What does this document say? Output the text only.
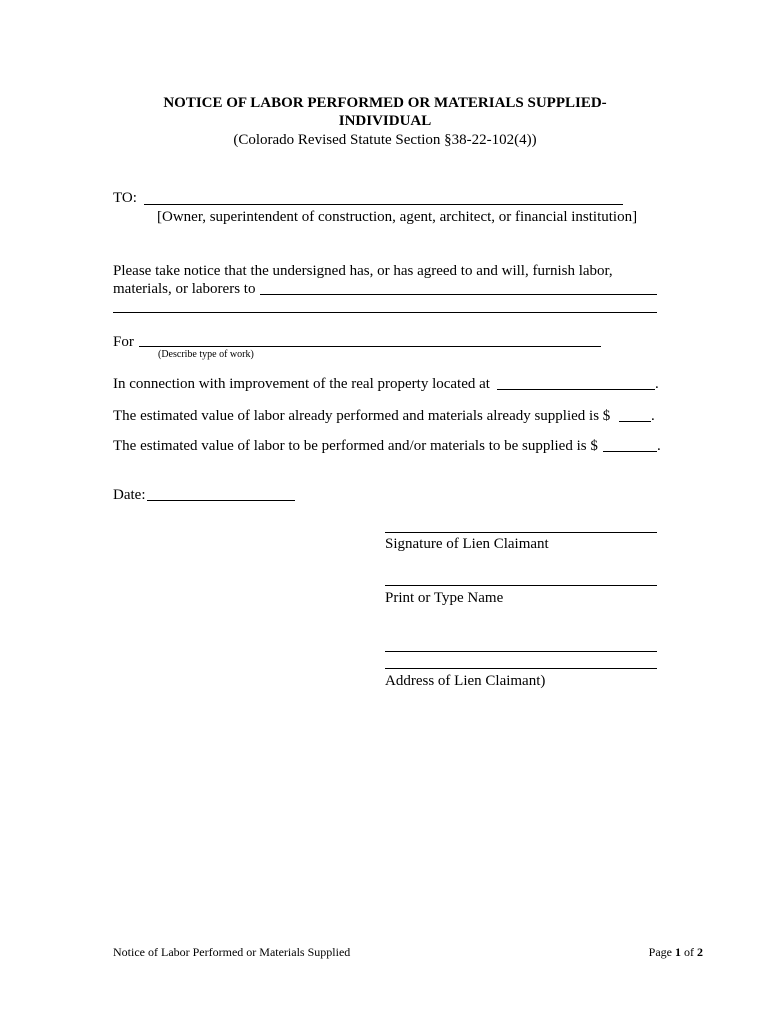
NOTICE OF LABOR PERFORMED OR MATERIALS SUPPLIED-
INDIVIDUAL
(Colorado Revised Statute Section §38-22-102(4))
TO:
[Owner, superintendent of construction, agent, architect, or financial institution]
Please take notice that the undersigned has, or has agreed to and will, furnish labor,
materials, or laborers to
For
(Describe type of work)
In connection with improvement of the real property located at	.
The estimated value of labor already performed and materials already supplied is $	.
The estimated value of labor to be performed and/or materials to be supplied is $	.
Date:
Signature of Lien Claimant
Print or Type Name
Address of Lien Claimant)
Notice of Labor Performed or Materials Supplied	Page 1 of 2
